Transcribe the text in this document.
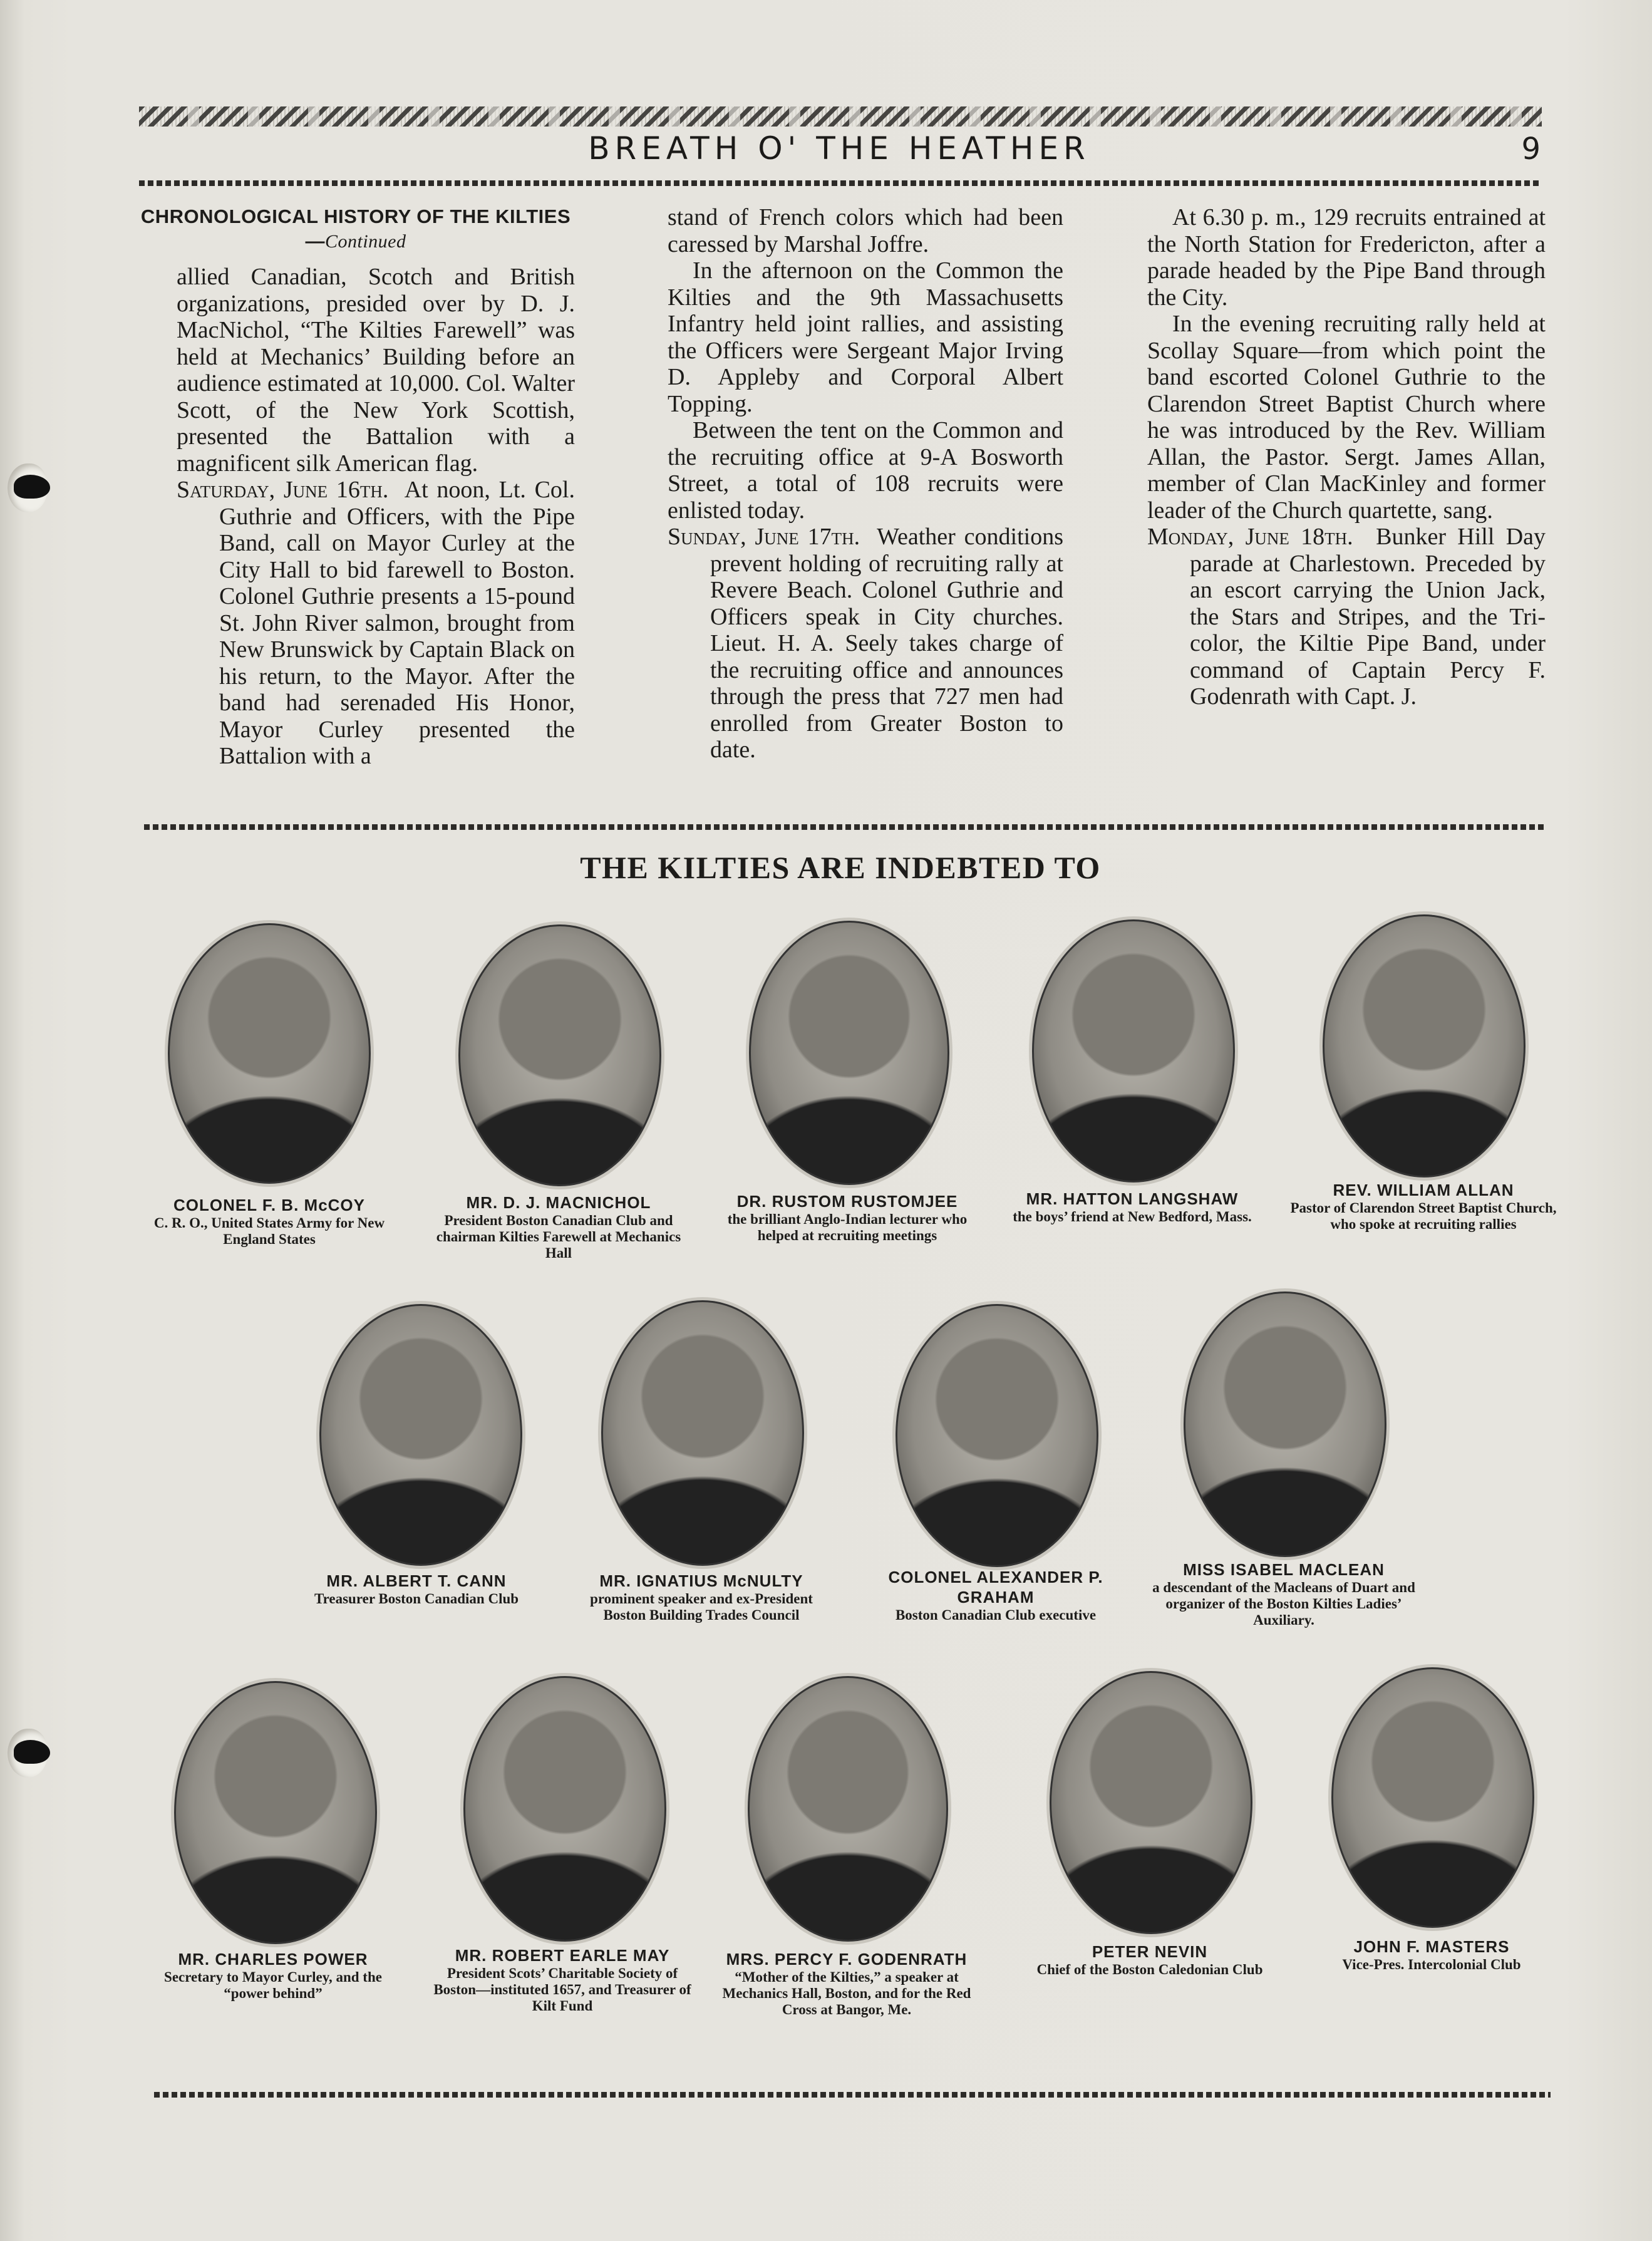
BREATH O' THE HEATHER	9
CHRONOLOGICAL HISTORY OF THE KILTIES—Continued

allied Canadian, Scotch and British organizations, presided over by D. J. MacNichol, “The Kilties Farewell” was held at Mechanics’ Building before an audience estimated at 10,000. Col. Walter Scott, of the New York Scottish, presented the Battalion with a magnificent silk American flag.

Saturday, June 16th. At noon, Lt. Col. Guthrie and Officers, with the Pipe Band, call on Mayor Curley at the City Hall to bid farewell to Boston. Colonel Guthrie presents a 15-pound St. John River salmon, brought from New Brunswick by Captain Black on his return, to the Mayor. After the band had serenaded His Honor, Mayor Curley presented the Battalion with a

stand of French colors which had been caressed by Marshal Joffre.

In the afternoon on the Common the Kilties and the 9th Massachusetts Infantry held joint rallies, and assisting the Officers were Sergeant Major Irving D. Appleby and Corporal Albert Topping.

Between the tent on the Common and the recruiting office at 9-A Bosworth Street, a total of 108 recruits were enlisted today.

Sunday, June 17th. Weather conditions prevent holding of recruiting rally at Revere Beach. Colonel Guthrie and Officers speak in City churches. Lieut. H. A. Seely takes charge of the recruiting office and announces through the press that 727 men had enrolled from Greater Boston to date.

At 6.30 p. m., 129 recruits entrained at the North Station for Fredericton, after a parade headed by the Pipe Band through the City.

In the evening recruiting rally held at Scollay Square—from which point the band escorted Colonel Guthrie to the Clarendon Street Baptist Church where he was introduced by the Rev. William Allan, the Pastor. Sergt. James Allan, member of Clan MacKinley and former leader of the Church quartette, sang.

Monday, June 18th. Bunker Hill Day parade at Charlestown. Preceded by an escort carrying the Union Jack, the Stars and Stripes, and the Tri-color, the Kiltie Pipe Band, under command of Captain Percy F. Godenrath with Capt. J.

THE KILTIES ARE INDEBTED TO
COLONEL F. B. McCOY
C. R. O., United States Army for New England States
MR. D. J. MACNICHOL
President Boston Canadian Club and chairman Kilties Farewell at Mechanics Hall
DR. RUSTOM RUSTOMJEE
the brilliant Anglo-Indian lecturer who helped at recruiting meetings
MR. HATTON LANGSHAW
the boys’ friend at New Bedford, Mass.
REV. WILLIAM ALLAN
Pastor of Clarendon Street Baptist Church, who spoke at recruiting rallies
MR. ALBERT T. CANN
Treasurer Boston Canadian Club
MR. IGNATIUS McNULTY
prominent speaker and ex-President Boston Building Trades Council
COLONEL ALEXANDER P. GRAHAM
Boston Canadian Club executive
MISS ISABEL MACLEAN
a descendant of the Macleans of Duart and organizer of the Boston Kilties Ladies’ Auxiliary.
MR. CHARLES POWER
Secretary to Mayor Curley, and the “power behind”
MR. ROBERT EARLE MAY
President Scots’ Charitable Society of Boston—instituted 1657, and Treasurer of Kilt Fund
MRS. PERCY F. GODENRATH
“Mother of the Kilties,” a speaker at Mechanics Hall, Boston, and for the Red Cross at Bangor, Me.
PETER NEVIN
Chief of the Boston Caledonian Club
JOHN F. MASTERS
Vice-Pres. Intercolonial Club
